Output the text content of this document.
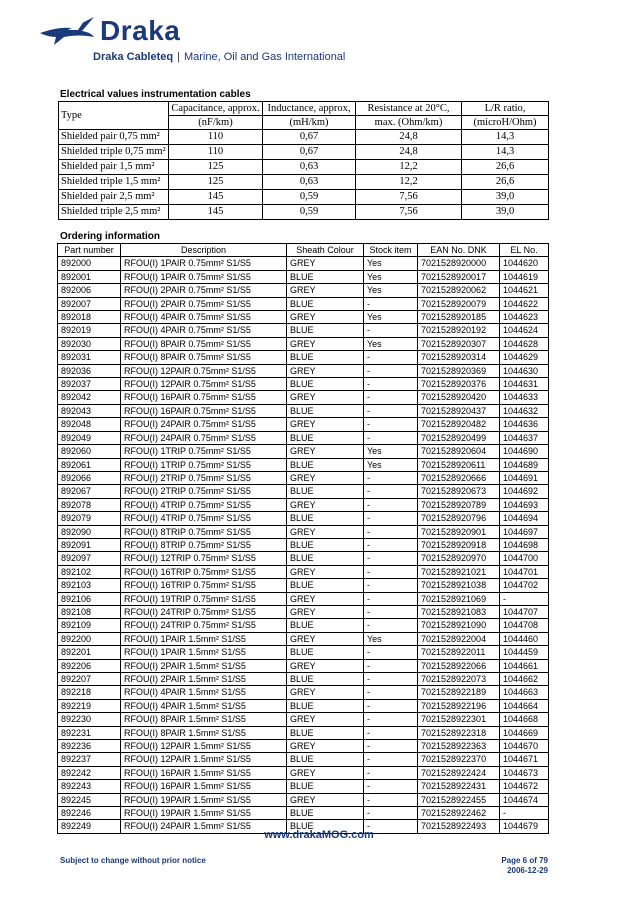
Draka
Draka Cableteq | Marine, Oil and Gas International
Electrical values instrumentation cables
Type	Capacitance, approx.	Inductance, approx,	Resistance at 20°C,	L/R ratio,
	(nF/km)	(mH/km)	max. (Ohm/km)	(microH/Ohm)
Shielded pair 0,75 mm²	110	0,67	24,8	14,3
Shielded triple 0,75 mm²	110	0,67	24,8	14,3
Shielded pair 1,5 mm²	125	0,63	12,2	26,6
Shielded triple 1,5 mm²	125	0,63	12,2	26,6
Shielded pair 2,5 mm²	145	0,59	7,56	39,0
Shielded triple 2,5 mm²	145	0,59	7,56	39,0
Ordering information
Part number	Description	Sheath Colour	Stock item	EAN No. DNK	EL No.
892000	RFOU(I) 1PAIR 0.75mm² S1/S5	GREY	Yes	7021528920000	1044620
892001	RFOU(I) 1PAIR 0.75mm² S1/S5	BLUE	Yes	7021528920017	1044619
892006	RFOU(I) 2PAIR 0.75mm² S1/S5	GREY	Yes	7021528920062	1044621
892007	RFOU(I) 2PAIR 0.75mm² S1/S5	BLUE	-	7021528920079	1044622
892018	RFOU(I) 4PAIR 0.75mm² S1/S5	GREY	Yes	7021528920185	1044623
892019	RFOU(I) 4PAIR 0.75mm² S1/S5	BLUE	-	7021528920192	1044624
892030	RFOU(I) 8PAIR 0.75mm² S1/S5	GREY	Yes	7021528920307	1044628
892031	RFOU(I) 8PAIR 0.75mm² S1/S5	BLUE	-	7021528920314	1044629
892036	RFOU(I) 12PAIR 0.75mm² S1/S5	GREY	-	7021528920369	1044630
892037	RFOU(I) 12PAIR 0.75mm² S1/S5	BLUE	-	7021528920376	1044631
892042	RFOU(I) 16PAIR 0.75mm² S1/S5	GREY	-	7021528920420	1044633
892043	RFOU(I) 16PAIR 0.75mm² S1/S5	BLUE	-	7021528920437	1044632
892048	RFOU(I) 24PAIR 0.75mm² S1/S5	GREY	-	7021528920482	1044636
892049	RFOU(I) 24PAIR 0.75mm² S1/S5	BLUE	-	7021528920499	1044637
892060	RFOU(I) 1TRIP 0.75mm² S1/S5	GREY	Yes	7021528920604	1044690
892061	RFOU(I) 1TRIP 0.75mm² S1/S5	BLUE	Yes	7021528920611	1044689
892066	RFOU(I) 2TRIP 0.75mm² S1/S5	GREY	-	7021528920666	1044691
892067	RFOU(I) 2TRIP 0.75mm² S1/S5	BLUE	-	7021528920673	1044692
892078	RFOU(I) 4TRIP 0.75mm² S1/S5	GREY	-	7021528920789	1044693
892079	RFOU(I) 4TRIP 0.75mm² S1/S5	BLUE	-	7021528920796	1044694
892090	RFOU(I) 8TRIP 0.75mm² S1/S5	GREY	-	7021528920901	1044697
892091	RFOU(I) 8TRIP 0.75mm² S1/S5	BLUE	-	7021528920918	1044698
892097	RFOU(I) 12TRIP 0.75mm² S1/S5	BLUE	-	7021528920970	1044700
892102	RFOU(I) 16TRIP 0.75mm² S1/S5	GREY	-	7021528921021	1044701
892103	RFOU(I) 16TRIP 0.75mm² S1/S5	BLUE	-	7021528921038	1044702
892106	RFOU(I) 19TRIP 0.75mm² S1/S5	GREY	-	7021528921069	-
892108	RFOU(I) 24TRIP 0.75mm² S1/S5	GREY	-	7021528921083	1044707
892109	RFOU(I) 24TRIP 0.75mm² S1/S5	BLUE	-	7021528921090	1044708
892200	RFOU(I) 1PAIR 1.5mm² S1/S5	GREY	Yes	7021528922004	1044460
892201	RFOU(I) 1PAIR 1.5mm² S1/S5	BLUE	-	7021528922011	1044459
892206	RFOU(I) 2PAIR 1.5mm² S1/S5	GREY	-	7021528922066	1044661
892207	RFOU(I) 2PAIR 1.5mm² S1/S5	BLUE	-	7021528922073	1044662
892218	RFOU(I) 4PAIR 1.5mm² S1/S5	GREY	-	7021528922189	1044663
892219	RFOU(I) 4PAIR 1.5mm² S1/S5	BLUE	-	7021528922196	1044664
892230	RFOU(I) 8PAIR 1.5mm² S1/S5	GREY	-	7021528922301	1044668
892231	RFOU(I) 8PAIR 1.5mm² S1/S5	BLUE	-	7021528922318	1044669
892236	RFOU(I) 12PAIR 1.5mm² S1/S5	GREY	-	7021528922363	1044670
892237	RFOU(I) 12PAIR 1.5mm² S1/S5	BLUE	-	7021528922370	1044671
892242	RFOU(I) 16PAIR 1.5mm² S1/S5	GREY	-	7021528922424	1044673
892243	RFOU(I) 16PAIR 1.5mm² S1/S5	BLUE	-	7021528922431	1044672
892245	RFOU(I) 19PAIR 1.5mm² S1/S5	GREY	-	7021528922455	1044674
892246	RFOU(I) 19PAIR 1.5mm² S1/S5	BLUE	-	7021528922462	-
892249	RFOU(I) 24PAIR 1.5mm² S1/S5	BLUE	-	7021528922493	1044679
www.drakaMOG.com
Subject to change without prior notice	Page 6 of 79
2006-12-29
